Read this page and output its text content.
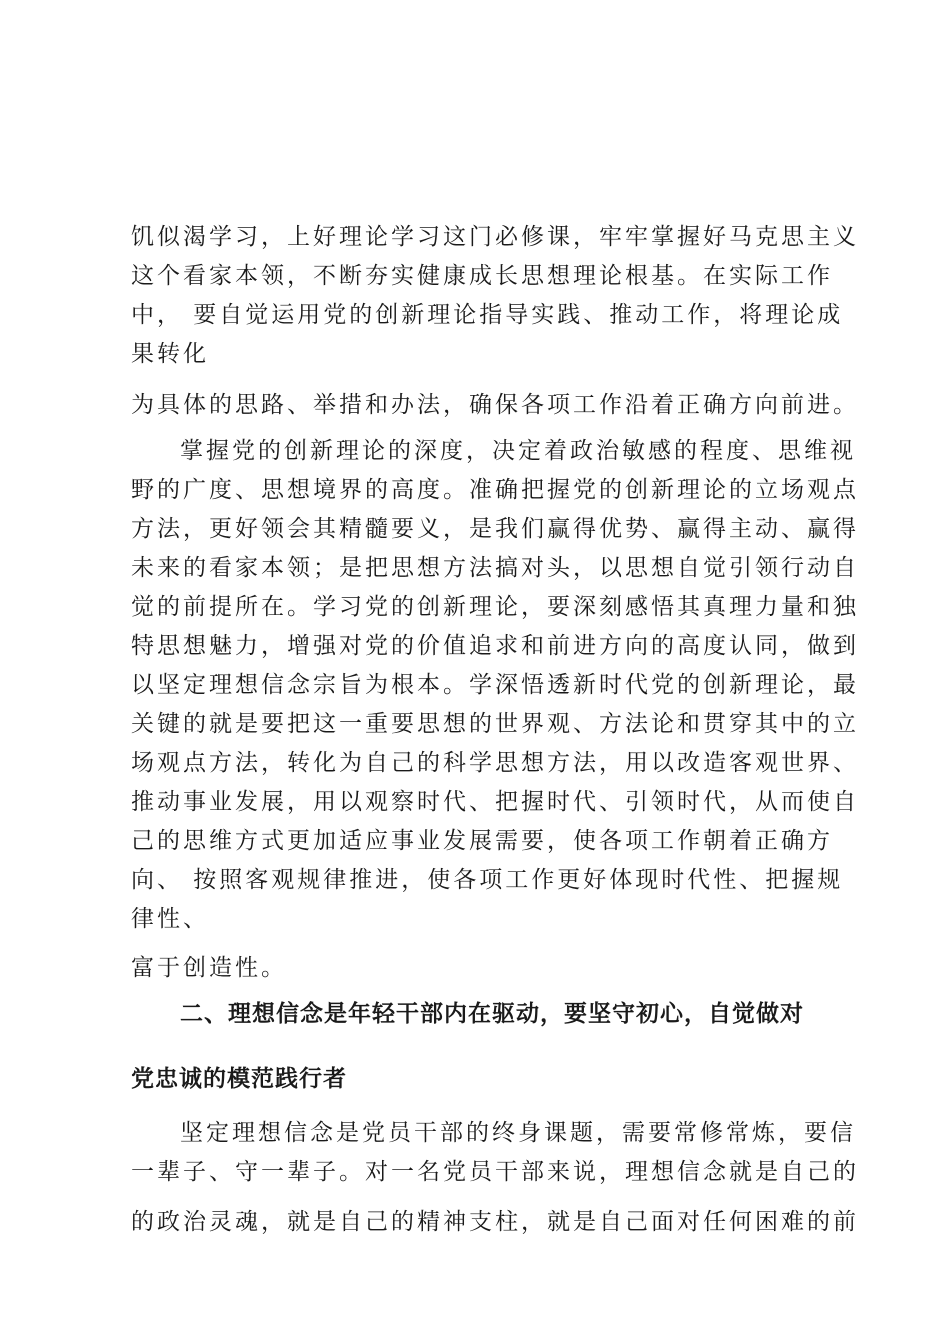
饥似渴学习，上好理论学习这门必修课，牢牢掌握好马克思主义

这个看家本领，不断夯实健康成长思想理论根基。在实际工作

中， 要自觉运用党的创新理论指导实践、推动工作，将理论成

果转化

为具体的思路、举措和办法，确保各项工作沿着正确方向前进。

掌握党的创新理论的深度，决定着政治敏感的程度、思维视

野的广度、思想境界的高度。准确把握党的创新理论的立场观点

方法，更好领会其精髓要义，是我们赢得优势、赢得主动、赢得

未来的看家本领；是把思想方法搞对头，以思想自觉引领行动自

觉的前提所在。学习党的创新理论，要深刻感悟其真理力量和独

特思想魅力，增强对党的价值追求和前进方向的高度认同，做到

以坚定理想信念宗旨为根本。学深悟透新时代党的创新理论，最

关键的就是要把这一重要思想的世界观、方法论和贯穿其中的立

场观点方法，转化为自己的科学思想方法，用以改造客观世界、

推动事业发展，用以观察时代、把握时代、引领时代，从而使自

己的思维方式更加适应事业发展需要，使各项工作朝着正确方

向、 按照客观规律推进，使各项工作更好体现时代性、把握规

律性、

富于创造性。

二、理想信念是年轻干部内在驱动，要坚守初心，自觉做对

党忠诚的模范践行者

坚定理想信念是党员干部的终身课题，需要常修常炼，要信

一辈子、守一辈子。对一名党员干部来说，理想信念就是自己的

的政治灵魂，就是自己的精神支柱，就是自己面对任何困难的前
